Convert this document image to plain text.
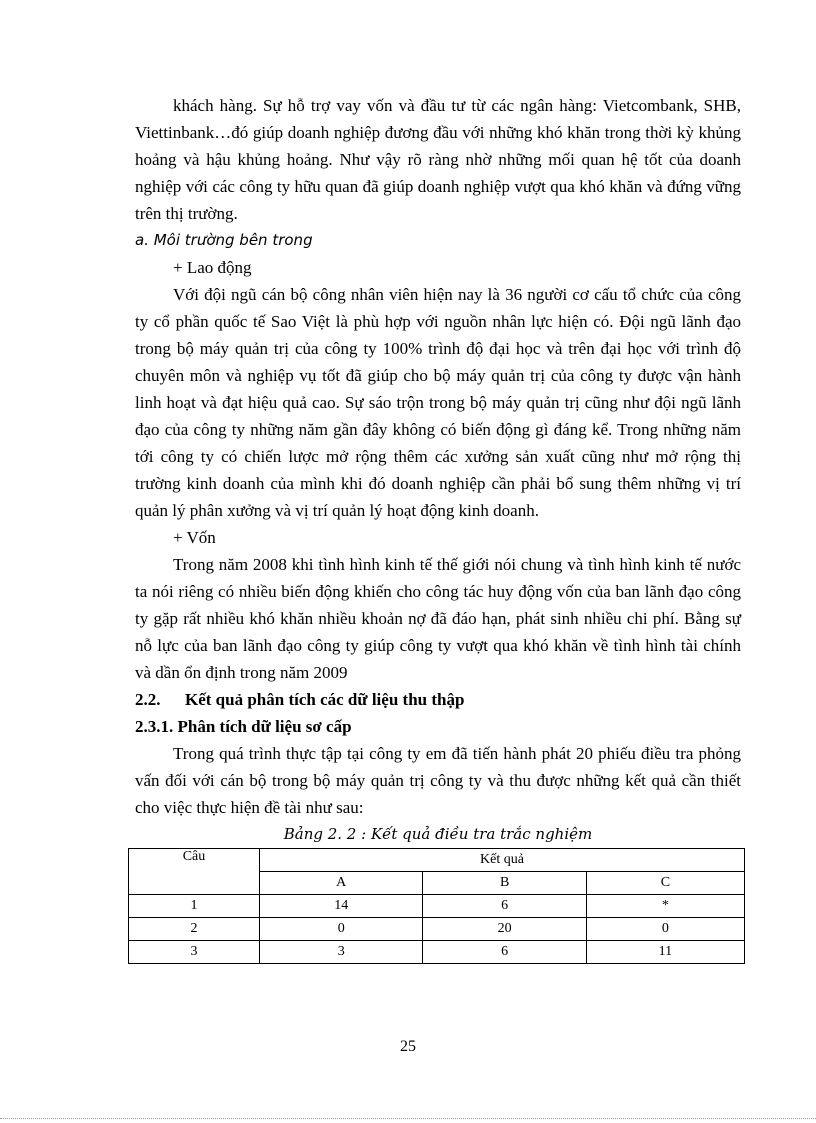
khách hàng. Sự hỗ trợ vay vốn và đầu tư từ các ngân hàng: Vietcombank, SHB, Viettinbank…đó giúp doanh nghiệp đương đầu với những khó khăn trong thời kỳ khủng hoảng và hậu khủng hoảng. Như vậy rõ ràng nhờ những mối quan hệ tốt của doanh nghiệp với các công ty hữu quan đã giúp doanh nghiệp vượt qua khó khăn và đứng vững trên thị trường.

a. Môi trường bên trong

+ Lao động

Với đội ngũ cán bộ công nhân viên hiện nay là 36 người cơ cấu tổ chức của công ty cổ phần quốc tế Sao Việt là phù hợp với nguồn nhân lực hiện có. Đội ngũ lãnh đạo trong bộ máy quản trị của công ty 100% trình độ đại học và trên đại học với trình độ chuyên môn và nghiệp vụ tốt đã giúp cho bộ máy quản trị của công ty được vận hành linh hoạt và đạt hiệu quả cao. Sự sáo trộn trong bộ máy quản trị cũng như đội ngũ lãnh đạo của công ty những năm gần đây không có biến động gì đáng kể. Trong những năm tới công ty có chiến lược mở rộng thêm các xưởng sản xuất cũng như mở rộng thị trường kinh doanh của mình khi đó doanh nghiệp cần phải bổ sung thêm những vị trí quản lý phân xưởng và vị trí quản lý hoạt động kinh doanh.

+ Vốn

Trong năm 2008 khi tình hình kinh tế thế giới nói chung và tình hình kinh tế nước ta nói riêng có nhiều biến động khiến cho công tác huy động vốn của ban lãnh đạo công ty gặp rất nhiều khó khăn nhiều khoản nợ đã đáo hạn, phát sinh nhiều chi phí. Bằng sự nỗ lực của ban lãnh đạo công ty giúp công ty vượt qua khó khăn về tình hình tài chính và dần ổn định trong năm 2009

2.2. Kết quả phân tích các dữ liệu thu thập
2.3.1. Phân tích dữ liệu sơ cấp

Trong quá trình thực tập tại công ty em đã tiến hành phát 20 phiếu điều tra phỏng vấn đối với cán bộ trong bộ máy quản trị công ty và thu được những kết quả cần thiết cho việc thực hiện đề tài như sau:

Bảng 2. 2 : Kết quả điều tra trắc nghiệm
Câu	Kết quả		
	A	B	C
1	14	6	*
2	0	20	0
3	3	6	11
25
